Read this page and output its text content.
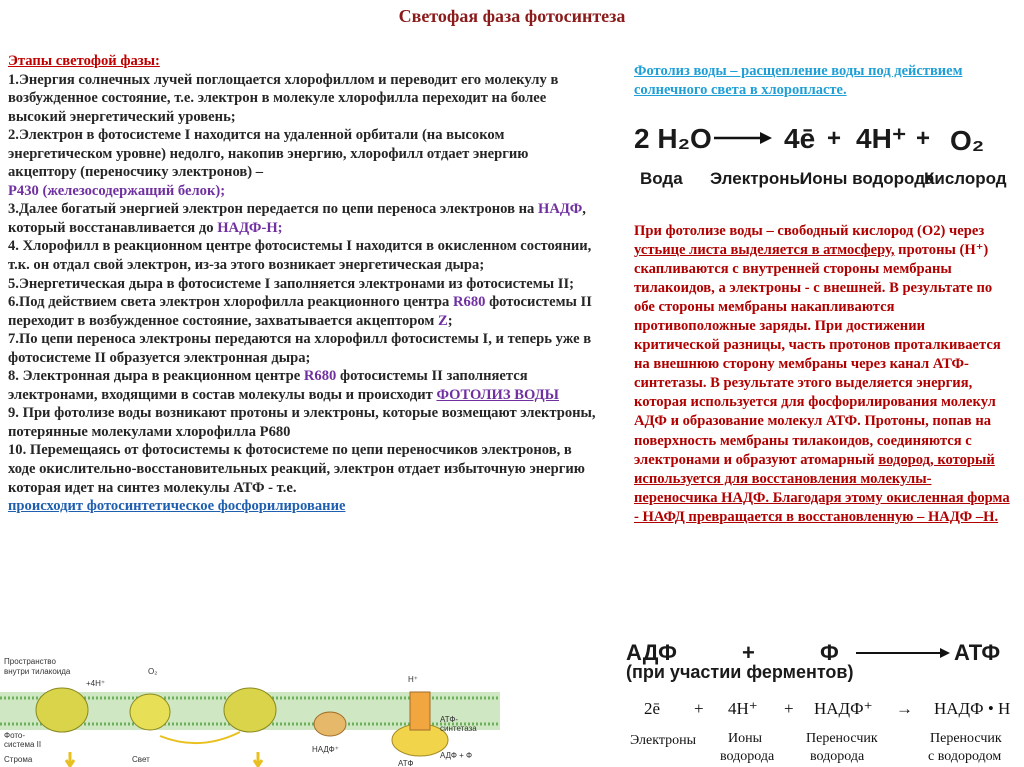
Светофая фаза фотосинтеза

Этапы светофой фазы:

1.Энергия солнечных лучей поглощается хлорофиллом и переводит его молекулу в возбужденное состояние, т.е. электрон в молекуле хлорофилла переходит на более высокий энергетический уровень;

2.Электрон в фотосистеме I находится на удаленной орбитали (на высоком энергетическом уровне) недолго, накопив энергию, хлорофилл отдает энергию акцептору (переносчику электронов) –
Р430 (железосодержащий белок);

3.Далее богатый энергией электрон передается по цепи переноса электронов на НАДФ, который восстанавливается до НАДФ-Н;

4. Хлорофилл в реакционном центре фотосистемы I находится в окисленном состоянии, т.к. он отдал свой электрон, из-за этого возникает энергетическая дыра;

5.Энергетическая дыра в фотосистеме I заполняется электронами из фотосистемы II;

6.Под действием света электрон хлорофилла реакционного центра R680 фотосистемы II переходит в возбужденное состояние, захватывается акцептором Z;

7.По цепи переноса электроны передаются на хлорофилл фотосистемы I, и теперь уже в фотосистеме II образуется электронная дыра;

8. Электронная дыра в реакционном центре R680 фотосистемы II заполняется электронами, входящими в состав молекулы воды и происходит ФОТОЛИЗ ВОДЫ

9. При фотолизе воды возникают протоны и электроны, которые возмещают электроны, потерянные молекулами хлорофилла Р680

10. Перемещаясь от фотосистемы к фотосистеме по цепи переносчиков электронов, в ходе окислительно-восстановительных реакций, электрон отдает избыточную энергию которая идет на синтез молекулы АТФ - т.е.
происходит фотосинтетическое фосфорилирование

Фотолиз воды – расщепление воды под действием солнечного света в хлоропласте.
2 H₂O	4ē + 4H⁺ + O₂
Вода Электроны
Ионы водорода
Кислород
При фотолизе воды – свободный кислород (О2) через устьице листа выделяется в атмосферу, протоны (Н⁺) скапливаются с внутренней стороны мембраны тилакоидов, а электроны - с внешней. В результате по обе стороны мембраны накапливаются противоположные заряды. При достижении критической разницы, часть протонов проталкивается на внешнюю сторону мембраны через канал АТФ-синтетазы. В результате этого выделяется энергия, которая используется для фосфорилирования молекул АДФ и образование молекул АТФ. Протоны, попав на поверхность мембраны тилакоидов, соединяются с электронами и образуют атомарный водород, который используется для восстановления молекулы-переносчика НАДФ. Благодаря этому окисленная форма - НАФД превращается в восстановленную – НАДФ –Н.
АДФ	+	Ф	АТФ
(при участии ферментов)
2ē + 4H⁺ + НАДФ⁺ → НАДФ • Н
Электроны Ионы
водорода
Переносчик
водорода
Переносчик
с водородом
Пространство
внутри тилакоида	O₂
+4H⁺
Фото-
система II
Строма	Свет
НАДФ⁺
АТФ-
синтетаза
АДФ + Ф
H⁺
АТФ
